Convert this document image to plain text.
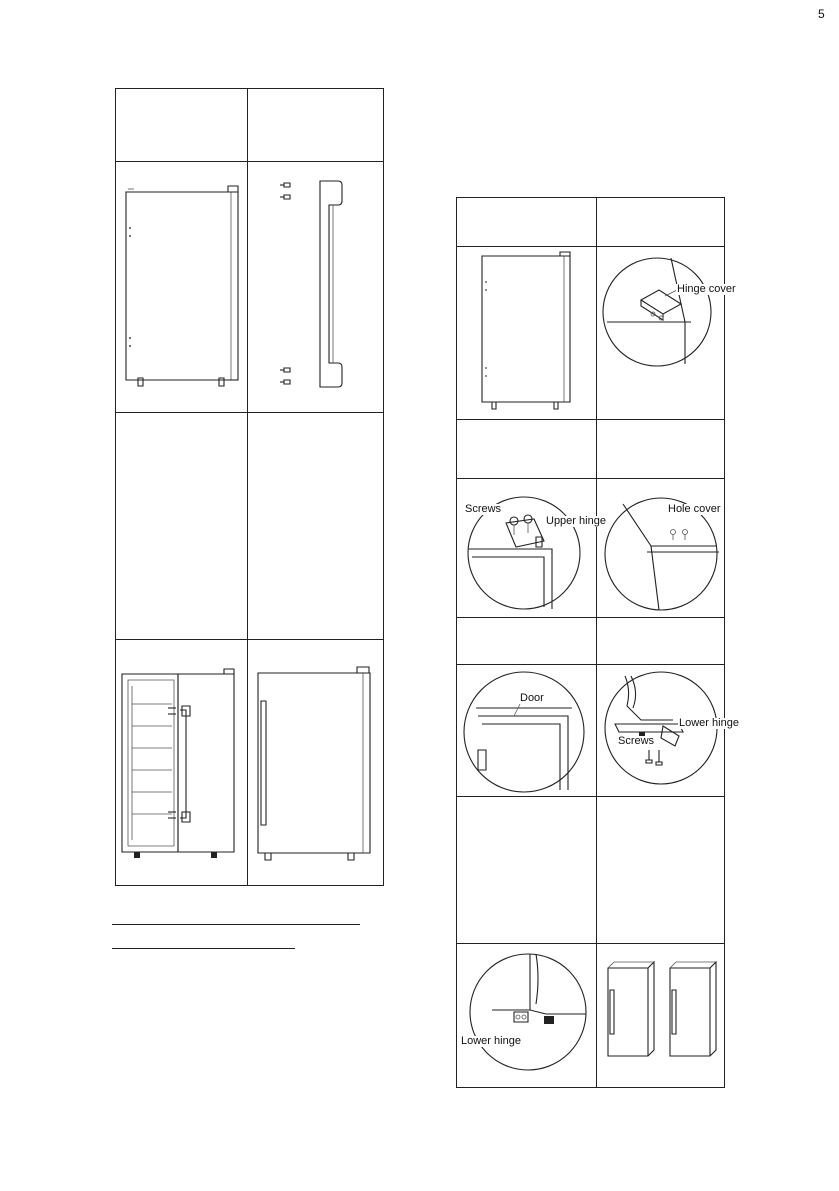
5
Hinge cover
Screws
Upper hinge
Hole cover
Door
Screws
Lower hinge
Lower hinge
